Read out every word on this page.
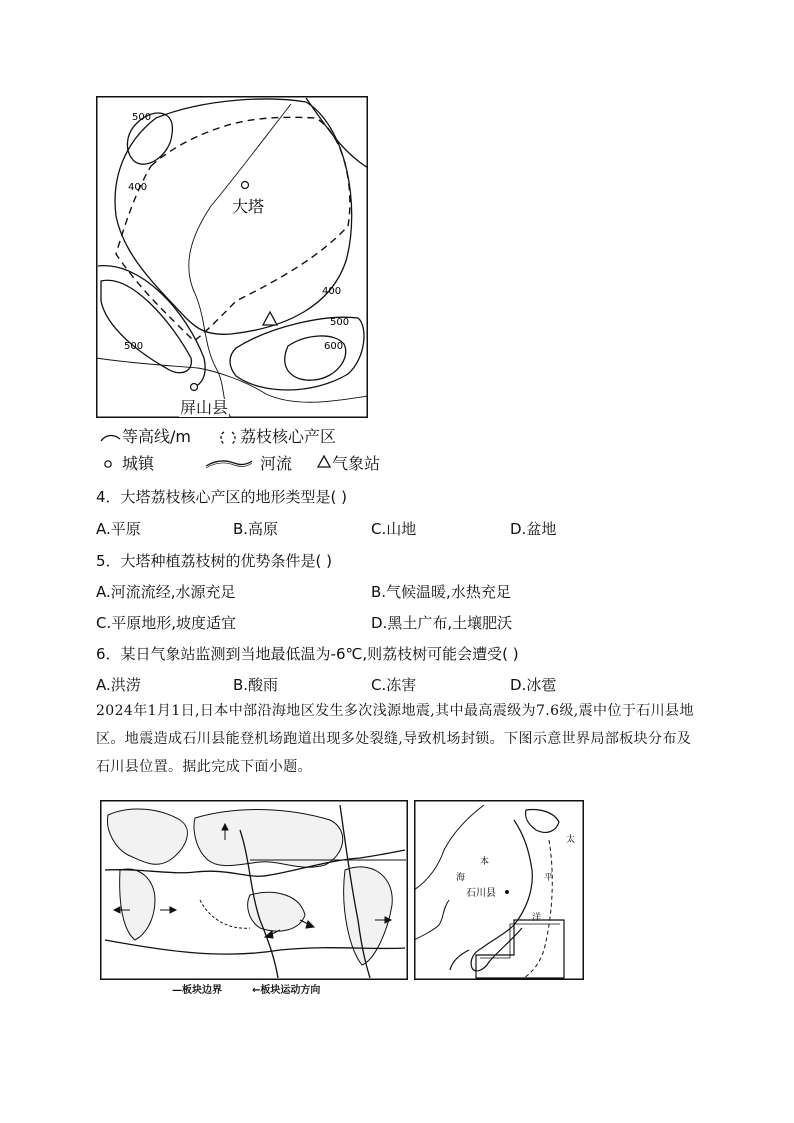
500
400
400
500
600
500
大塔
屏山县
等高线/m	荔枝核心产区
城镇	河流 气象站
4．大塔荔枝核心产区的地形类型是( )
A.平原	B.高原	C.山地	D.盆地
5．大塔种植荔枝树的优势条件是( )
A.河流流经,水源充足	B.气候温暖,水热充足
C.平原地形,坡度适宜	D.黑土广布,土壤肥沃
6．某日气象站监测到当地最低温为-6℃,则荔枝树可能会遭受( )
A.洪涝	B.酸雨	C.冻害	D.冰雹
2024年1月1日,日本中部沿海地区发生多次浅源地震,其中最高震级为7.6级,震中位于石川县地区。地震造成石川县能登机场跑道出现多处裂缝,导致机场封锁。下图示意世界局部板块分布及石川县位置。据此完成下面小题。
本
海
石川县
太
平
洋
—板块边界	←板块运动方向
